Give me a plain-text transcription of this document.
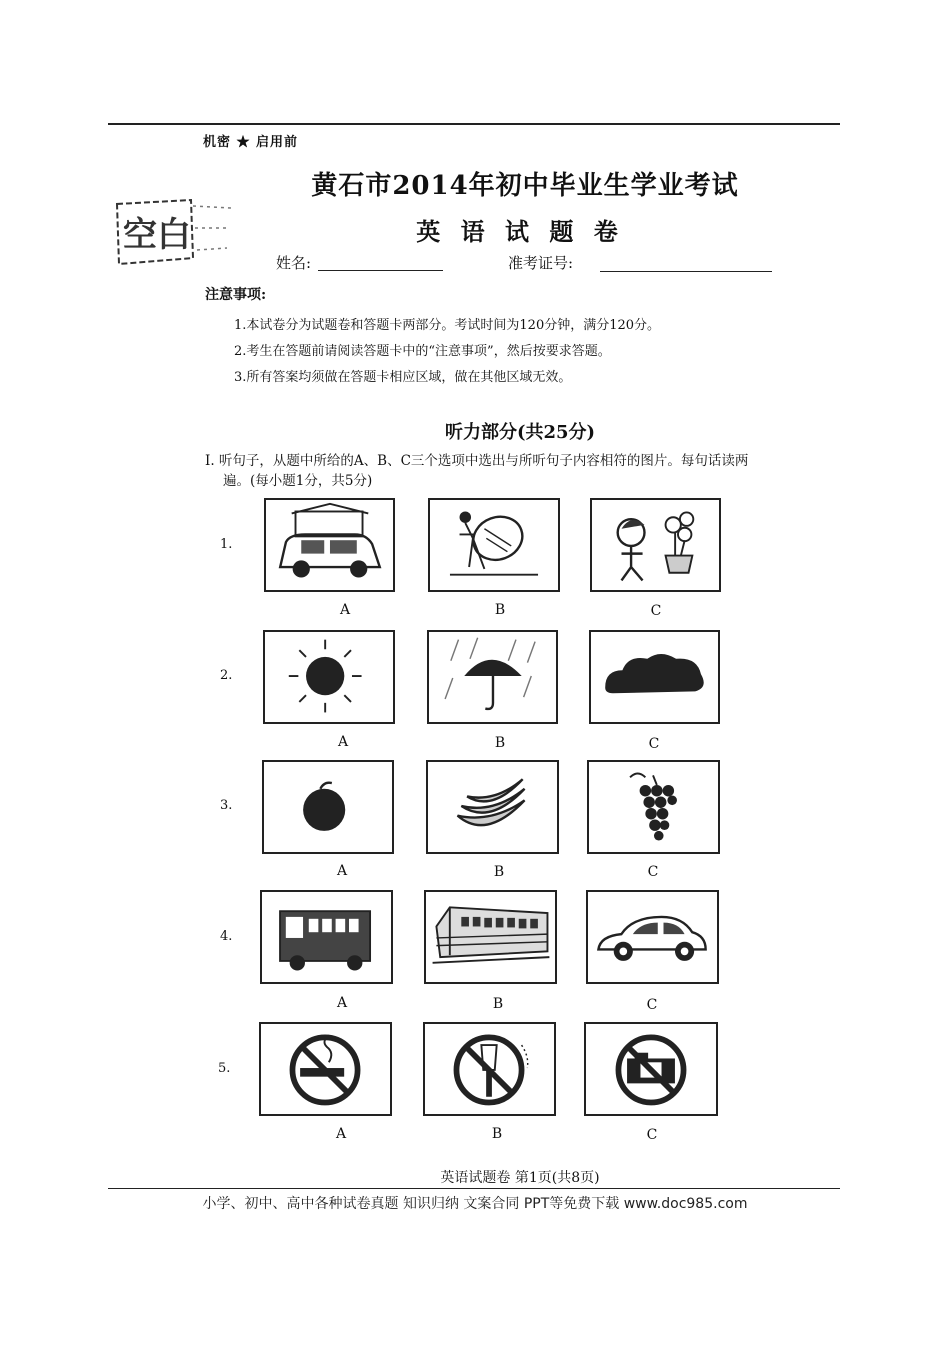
机密 ★ 启用前
空白
黄石市2014年初中毕业生学业考试
英 语 试 题 卷
姓名:	准考证号:
注意事项:
1.本试卷分为试题卷和答题卡两部分。考试时间为120分钟，满分120分。
2.考生在答题前请阅读答题卡中的“注意事项”，然后按要求答题。
3.所有答案均须做在答题卡相应区域，做在其他区域无效。
听力部分(共25分)
I. 听句子，从题中所给的A、B、C三个选项中选出与所听句子内容相符的图片。每句话读两
遍。(每小题1分，共5分)
1.
A	B	C
2.
A	B	C
3.
A	B	C
4.
A	B	C
5.
A	B	C
英语试题卷 第1页(共8页)
小学、初中、高中各种试卷真题 知识归纳 文案合同 PPT等免费下载 www.doc985.com
